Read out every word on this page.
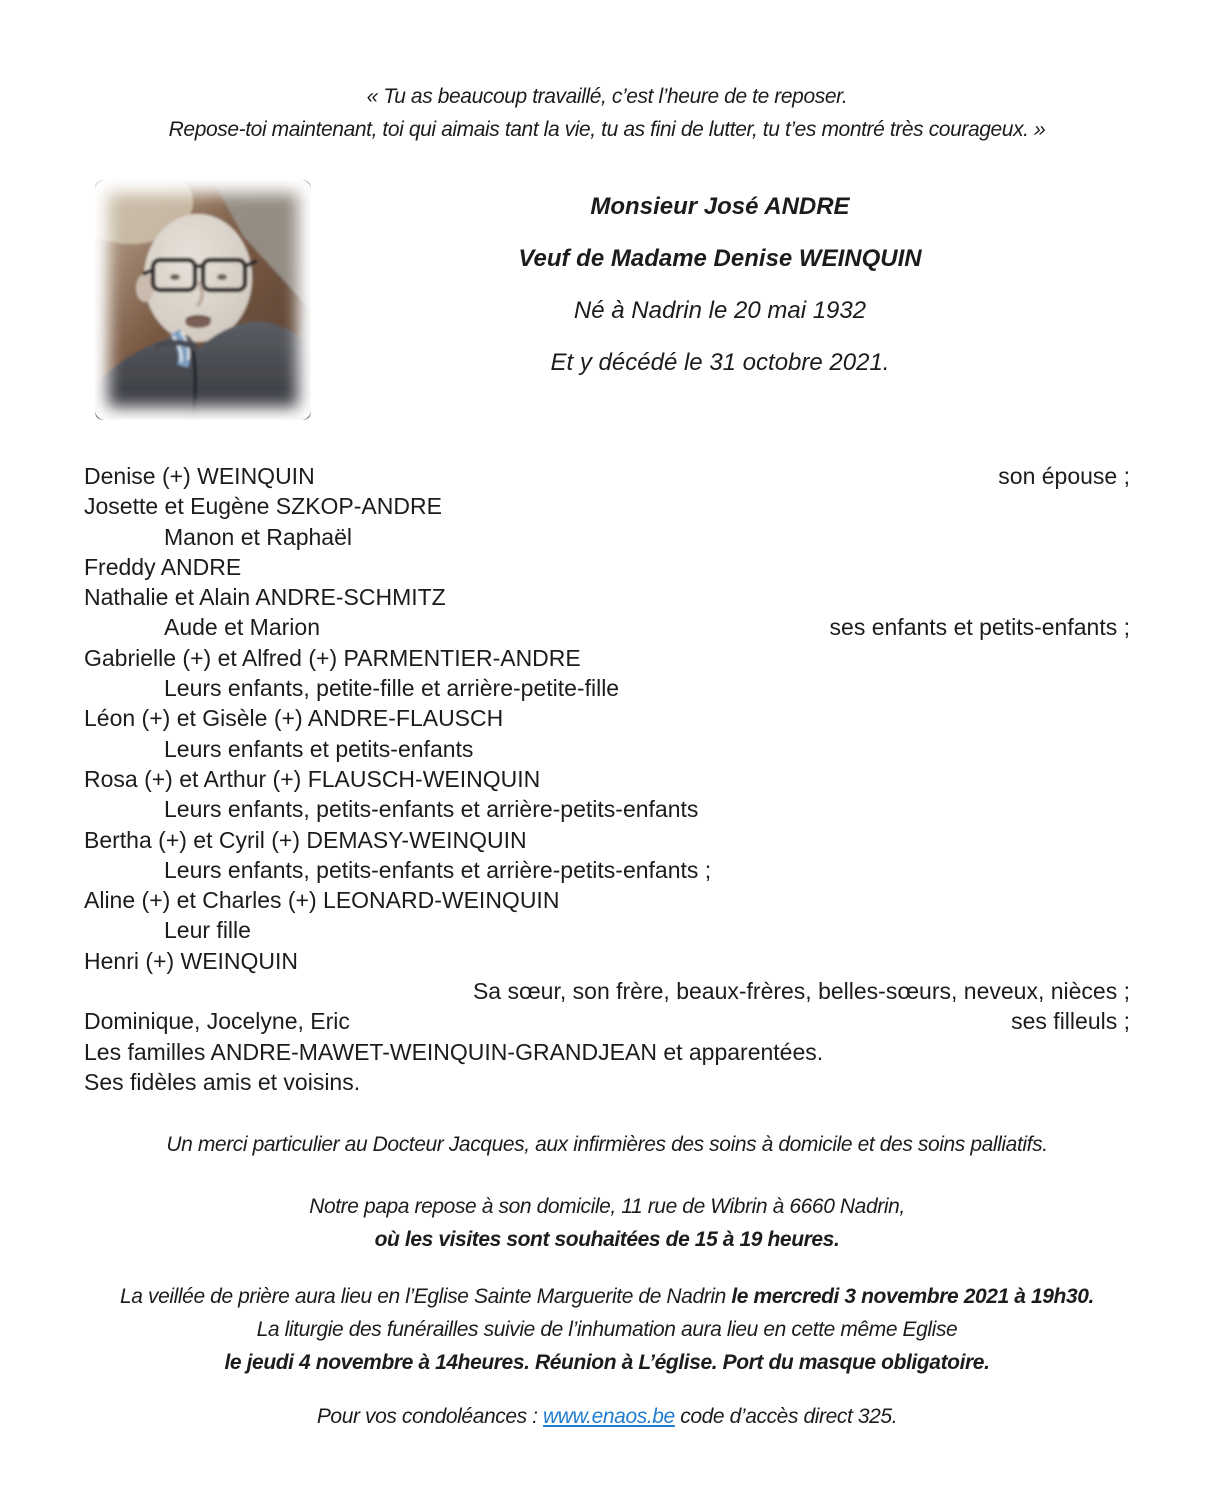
« Tu as beaucoup travaillé, c’est l’heure de te reposer.
Repose-toi maintenant, toi qui aimais tant la vie, tu as fini de lutter, tu t’es montré très courageux. »
Monsieur José ANDRE
Veuf de Madame Denise WEINQUIN
Né à Nadrin le 20 mai 1932
Et y décédé le 31 octobre 2021.
Denise (+) WEINQUIN	son épouse ;
Josette et Eugène SZKOP-ANDRE
Manon et Raphaël
Freddy ANDRE
Nathalie et Alain ANDRE-SCHMITZ
Aude et Marion	ses enfants et petits-enfants ;
Gabrielle (+) et Alfred (+) PARMENTIER-ANDRE
Leurs enfants, petite-fille et arrière-petite-fille
Léon (+) et Gisèle (+) ANDRE-FLAUSCH
Leurs enfants et petits-enfants
Rosa (+) et Arthur (+) FLAUSCH-WEINQUIN
Leurs enfants, petits-enfants et arrière-petits-enfants
Bertha (+) et Cyril (+) DEMASY-WEINQUIN
Leurs enfants, petits-enfants et arrière-petits-enfants ;
Aline (+) et Charles (+) LEONARD-WEINQUIN
Leur fille
Henri (+) WEINQUIN
Sa sœur, son frère, beaux-frères, belles-sœurs, neveux, nièces ;
Dominique, Jocelyne, Eric	ses filleuls ;
Les familles ANDRE-MAWET-WEINQUIN-GRANDJEAN et apparentées.
Ses fidèles amis et voisins.
Un merci particulier au Docteur Jacques, aux infirmières des soins à domicile et des soins palliatifs.
Notre papa repose à son domicile, 11 rue de Wibrin à 6660 Nadrin,
où les visites sont souhaitées de 15 à 19 heures.
La veillée de prière aura lieu en l’Eglise Sainte Marguerite de Nadrin le mercredi 3 novembre 2021 à 19h30.
La liturgie des funérailles suivie de l’inhumation aura lieu en cette même Eglise
le jeudi 4 novembre à 14heures. Réunion à L’église. Port du masque obligatoire.
Pour vos condoléances : www.enaos.be code d’accès direct 325.
